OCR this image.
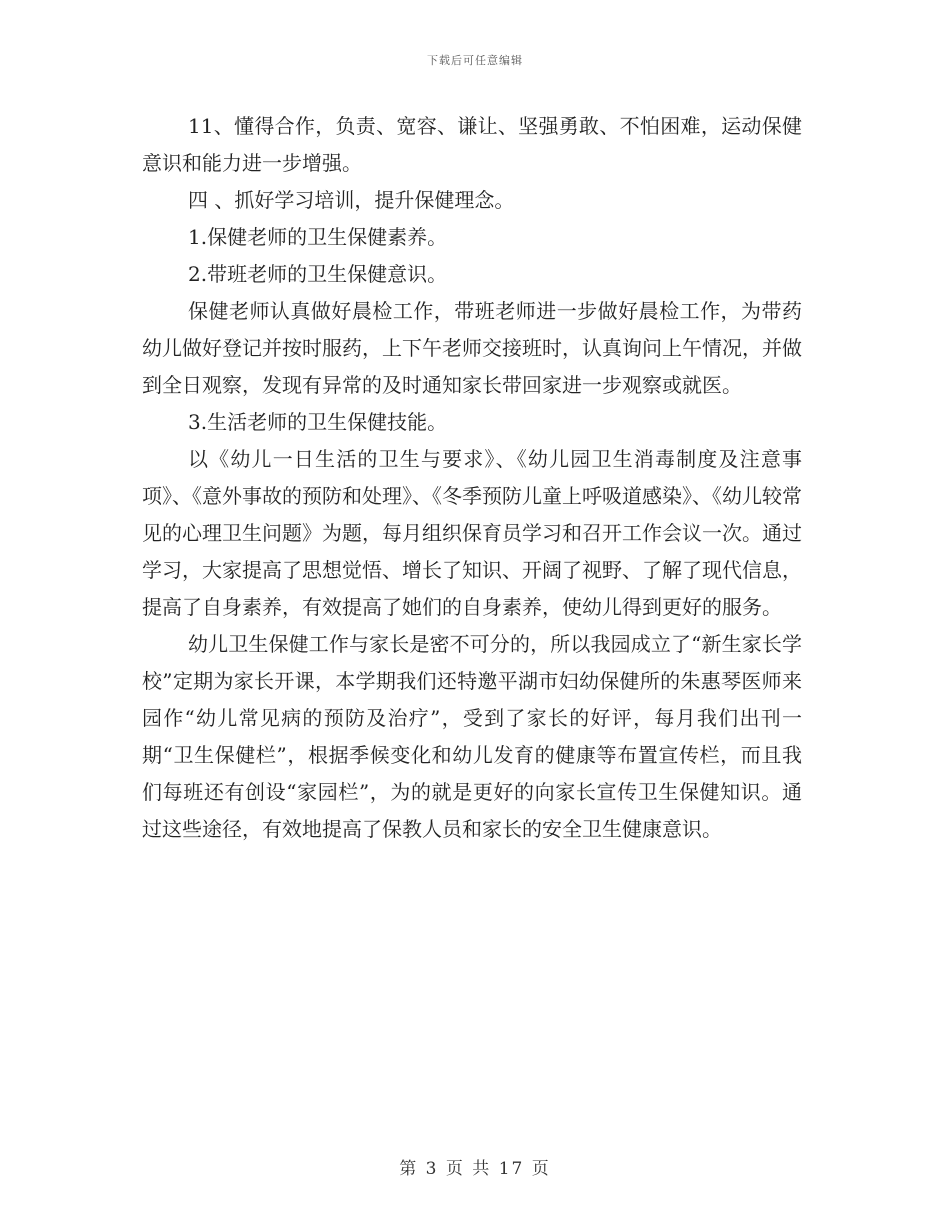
下载后可任意编辑

11、懂得合作，负责、宽容、谦让、坚强勇敢、不怕困难，运动保健意识和能力进一步增强。

四 、抓好学习培训，提升保健理念。

1.保健老师的卫生保健素养。

2.带班老师的卫生保健意识。

保健老师认真做好晨检工作，带班老师进一步做好晨检工作，为带药幼儿做好登记并按时服药，上下午老师交接班时，认真询问上午情况，并做到全日观察，发现有异常的及时通知家长带回家进一步观察或就医。

3.生活老师的卫生保健技能。

以《幼儿一日生活的卫生与要求》、《幼儿园卫生消毒制度及注意事项》、《意外事故的预防和处理》、《冬季预防儿童上呼吸道感染》、《幼儿较常见的心理卫生问题》为题，每月组织保育员学习和召开工作会议一次。通过学习，大家提高了思想觉悟、增长了知识、开阔了视野、了解了现代信息，提高了自身素养，有效提高了她们的自身素养，使幼儿得到更好的服务。

幼儿卫生保健工作与家长是密不可分的，所以我园成立了“新生家长学校”定期为家长开课，本学期我们还特邀平湖市妇幼保健所的朱惠琴医师来园作“幼儿常见病的预防及治疗”，受到了家长的好评，每月我们出刊一期“卫生保健栏”，根据季候变化和幼儿发育的健康等布置宣传栏，而且我们每班还有创设“家园栏”，为的就是更好的向家长宣传卫生保健知识。通过这些途径，有效地提高了保教人员和家长的安全卫生健康意识。

第 3 页 共 17 页
